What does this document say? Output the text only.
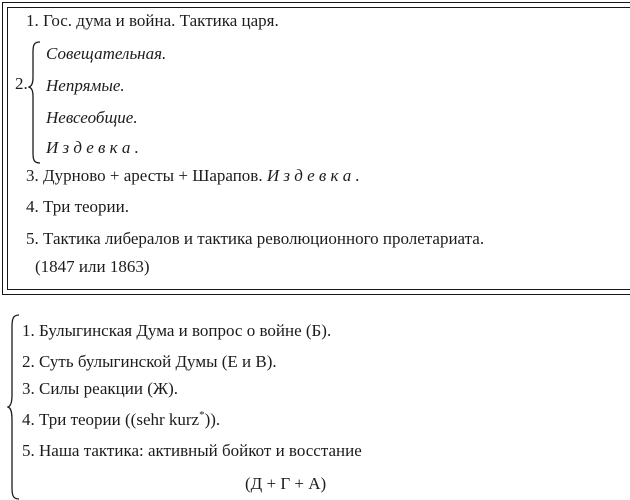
1. Гос. дума и война. Тактика царя.
2.
Совещательная.
Непрямые.
Невсеобщие.
И з д е в к а .
3. Дурново + аресты + Шарапов. И з д е в к а .
4. Три теории.
5. Тактика либералов и тактика революционного пролетариата.
(1847 или 1863)
1. Булыгинская Дума и вопрос о войне (Б).
2. Суть булыгинской Думы (Е и В).
3. Силы реакции (Ж).
4. Три теории ((sehr kurz*)).
5. Наша тактика: активный бойкот и восстание
(Д + Г + А)
